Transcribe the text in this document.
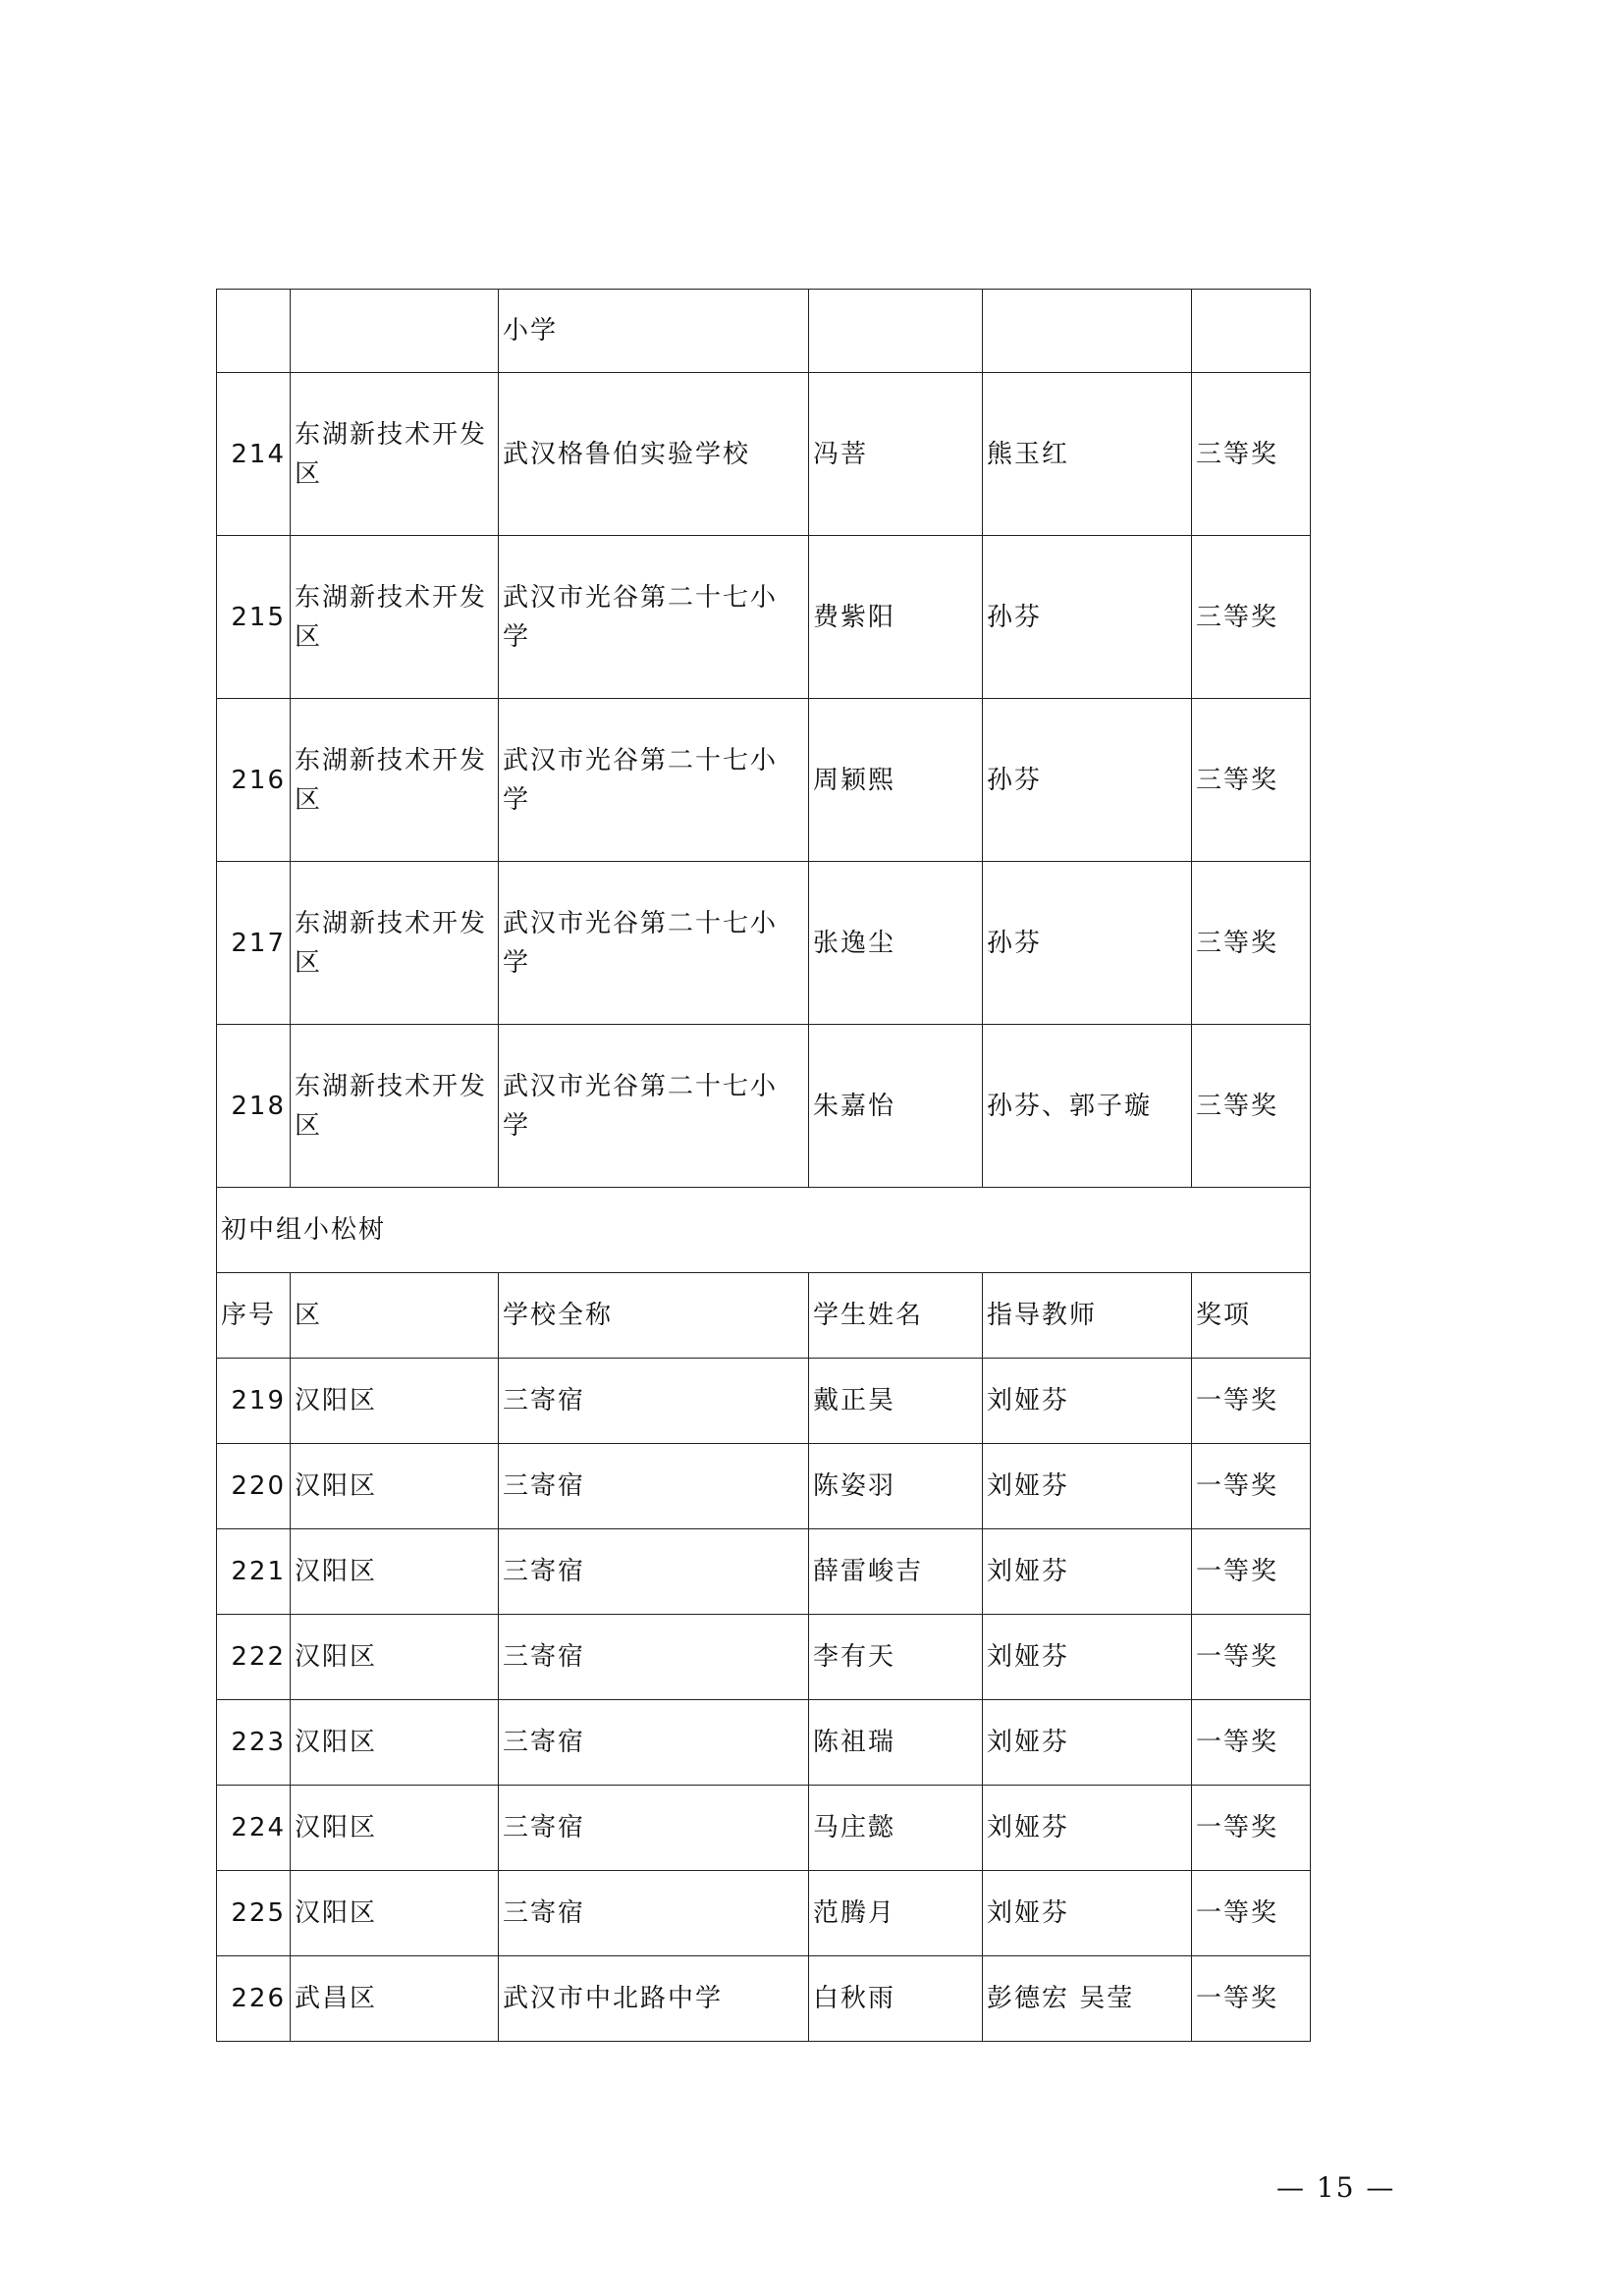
		小学			
214	东湖新技术开发区	武汉格鲁伯实验学校	冯菩	熊玉红	三等奖
215	东湖新技术开发区	武汉市光谷第二十七小学	费紫阳	孙芬	三等奖
216	东湖新技术开发区	武汉市光谷第二十七小学	周颖熙	孙芬	三等奖
217	东湖新技术开发区	武汉市光谷第二十七小学	张逸尘	孙芬	三等奖
218	东湖新技术开发区	武汉市光谷第二十七小学	朱嘉怡	孙芬、郭子璇	三等奖
初中组小松树					
序号	区	学校全称	学生姓名	指导教师	奖项
219	汉阳区	三寄宿	戴正昊	刘娅芬	一等奖
220	汉阳区	三寄宿	陈姿羽	刘娅芬	一等奖
221	汉阳区	三寄宿	薛雷峻吉	刘娅芬	一等奖
222	汉阳区	三寄宿	李有天	刘娅芬	一等奖
223	汉阳区	三寄宿	陈祖瑞	刘娅芬	一等奖
224	汉阳区	三寄宿	马庄懿	刘娅芬	一等奖
225	汉阳区	三寄宿	范腾月	刘娅芬	一等奖
226	武昌区	武汉市中北路中学	白秋雨	彭德宏 吴莹	一等奖
— 15 —
